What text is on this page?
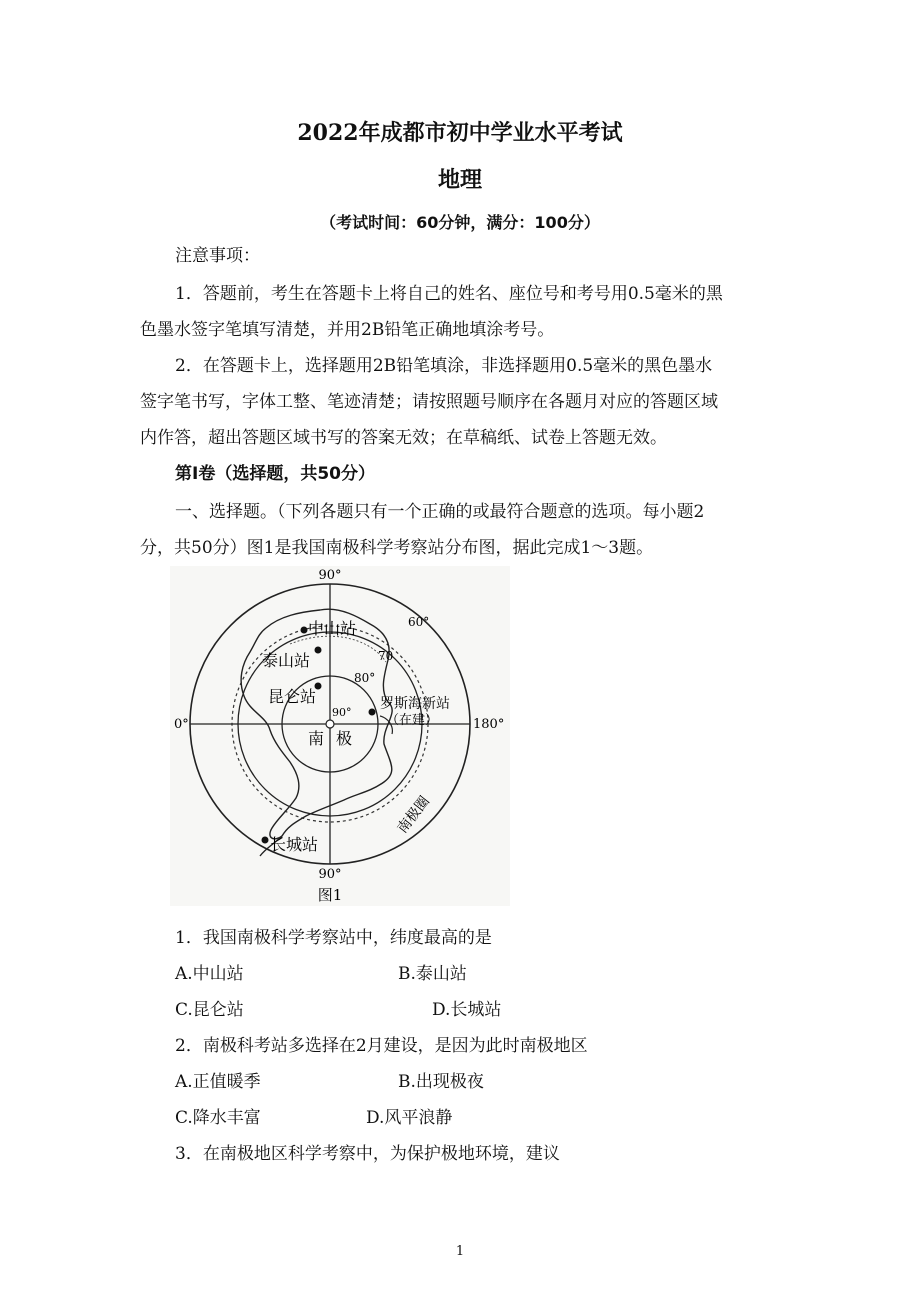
2022年成都市初中学业水平考试
地理
（考试时间：60分钟，满分：100分）
注意事项：
1．答题前，考生在答题卡上将自己的姓名、座位号和考号用0.5毫米的黑
色墨水签字笔填写清楚，并用2B铅笔正确地填涂考号。
2．在答题卡上，选择题用2B铅笔填涂，非选择题用0.5毫米的黑色墨水
签字笔书写，字体工整、笔迹清楚；请按照题号顺序在各题月对应的答题区域
内作答，超出答题区域书写的答案无效；在草稿纸、试卷上答题无效。
第Ⅰ卷（选择题，共50分）
一、选择题。（下列各题只有一个正确的或最符合题意的选项。每小题2
分，共50分）图1是我国南极科学考察站分布图，据此完成1～3题。
90°
90°
0°	180°
60°
70
80°
90°
中山站
泰山站
昆仑站
长城站
罗斯海新站
（在建）
南 极
南极圈
图1
1．我国南极科学考察站中，纬度最高的是
A.中山站	B.泰山站
C.昆仑站	D.长城站
2．南极科考站多选择在2月建设，是因为此时南极地区
A.正值暖季	B.出现极夜
C.降水丰富	D.风平浪静
3．在南极地区科学考察中，为保护极地环境，建议
1
